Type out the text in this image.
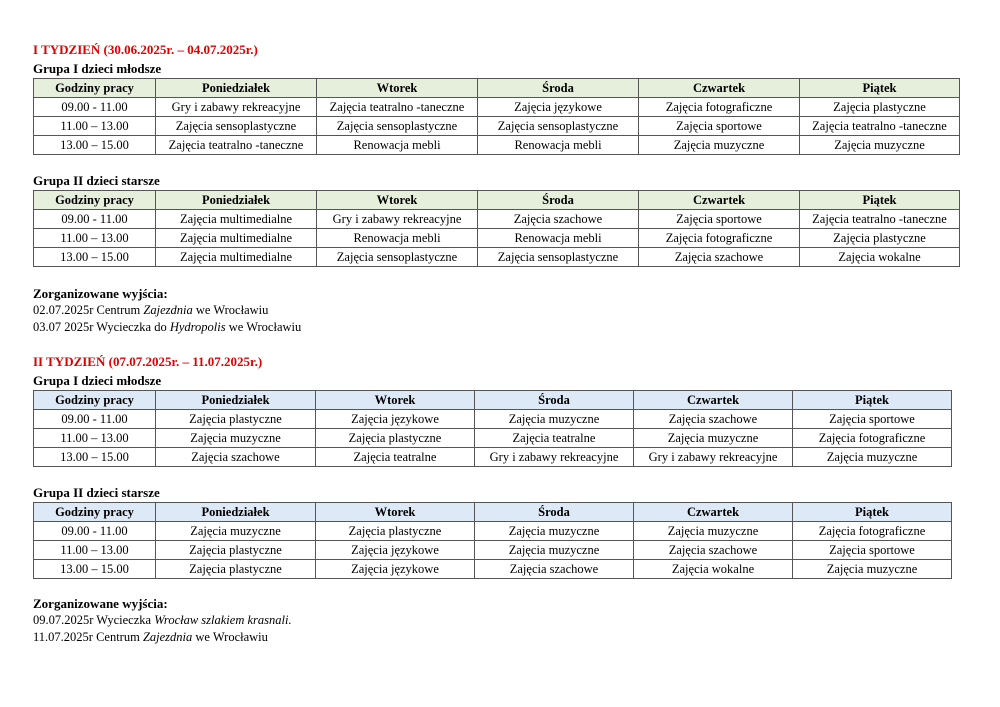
I TYDZIEŃ (30.06.2025r. – 04.07.2025r.)
Grupa I dzieci młodsze
Godziny pracy	Poniedziałek	Wtorek	Środa	Czwartek	Piątek
09.00 - 11.00	Gry i zabawy rekreacyjne	Zajęcia teatralno -taneczne	Zajęcia językowe	Zajęcia fotograficzne	Zajęcia plastyczne
11.00 – 13.00	Zajęcia sensoplastyczne	Zajęcia sensoplastyczne	Zajęcia sensoplastyczne	Zajęcia sportowe	Zajęcia teatralno -taneczne
13.00 – 15.00	Zajęcia teatralno -taneczne	Renowacja mebli	Renowacja mebli	Zajęcia muzyczne	Zajęcia muzyczne
Grupa II dzieci starsze
Godziny pracy	Poniedziałek	Wtorek	Środa	Czwartek	Piątek
09.00 - 11.00	Zajęcia multimedialne	Gry i zabawy rekreacyjne	Zajęcia szachowe	Zajęcia sportowe	Zajęcia teatralno -taneczne
11.00 – 13.00	Zajęcia multimedialne	Renowacja mebli	Renowacja mebli	Zajęcia fotograficzne	Zajęcia plastyczne
13.00 – 15.00	Zajęcia multimedialne	Zajęcia sensoplastyczne	Zajęcia sensoplastyczne	Zajęcia szachowe	Zajęcia wokalne
Zorganizowane wyjścia:
02.07.2025r Centrum Zajezdnia we Wrocławiu
03.07 2025r Wycieczka do Hydropolis we Wrocławiu
II TYDZIEŃ (07.07.2025r. – 11.07.2025r.)
Grupa I dzieci młodsze
Godziny pracy	Poniedziałek	Wtorek	Środa	Czwartek	Piątek
09.00 - 11.00	Zajęcia plastyczne	Zajęcia językowe	Zajęcia muzyczne	Zajęcia szachowe	Zajęcia sportowe
11.00 – 13.00	Zajęcia muzyczne	Zajęcia plastyczne	Zajęcia teatralne	Zajęcia muzyczne	Zajęcia fotograficzne
13.00 – 15.00	Zajęcia szachowe	Zajęcia teatralne	Gry i zabawy rekreacyjne	Gry i zabawy rekreacyjne	Zajęcia muzyczne
Grupa II dzieci starsze
Godziny pracy	Poniedziałek	Wtorek	Środa	Czwartek	Piątek
09.00 - 11.00	Zajęcia muzyczne	Zajęcia plastyczne	Zajęcia muzyczne	Zajęcia muzyczne	Zajęcia fotograficzne
11.00 – 13.00	Zajęcia plastyczne	Zajęcia językowe	Zajęcia muzyczne	Zajęcia szachowe	Zajęcia sportowe
13.00 – 15.00	Zajęcia plastyczne	Zajęcia językowe	Zajęcia szachowe	Zajęcia wokalne	Zajęcia muzyczne
Zorganizowane wyjścia:
09.07.2025r Wycieczka Wrocław szlakiem krasnali.
11.07.2025r Centrum Zajezdnia we Wrocławiu
